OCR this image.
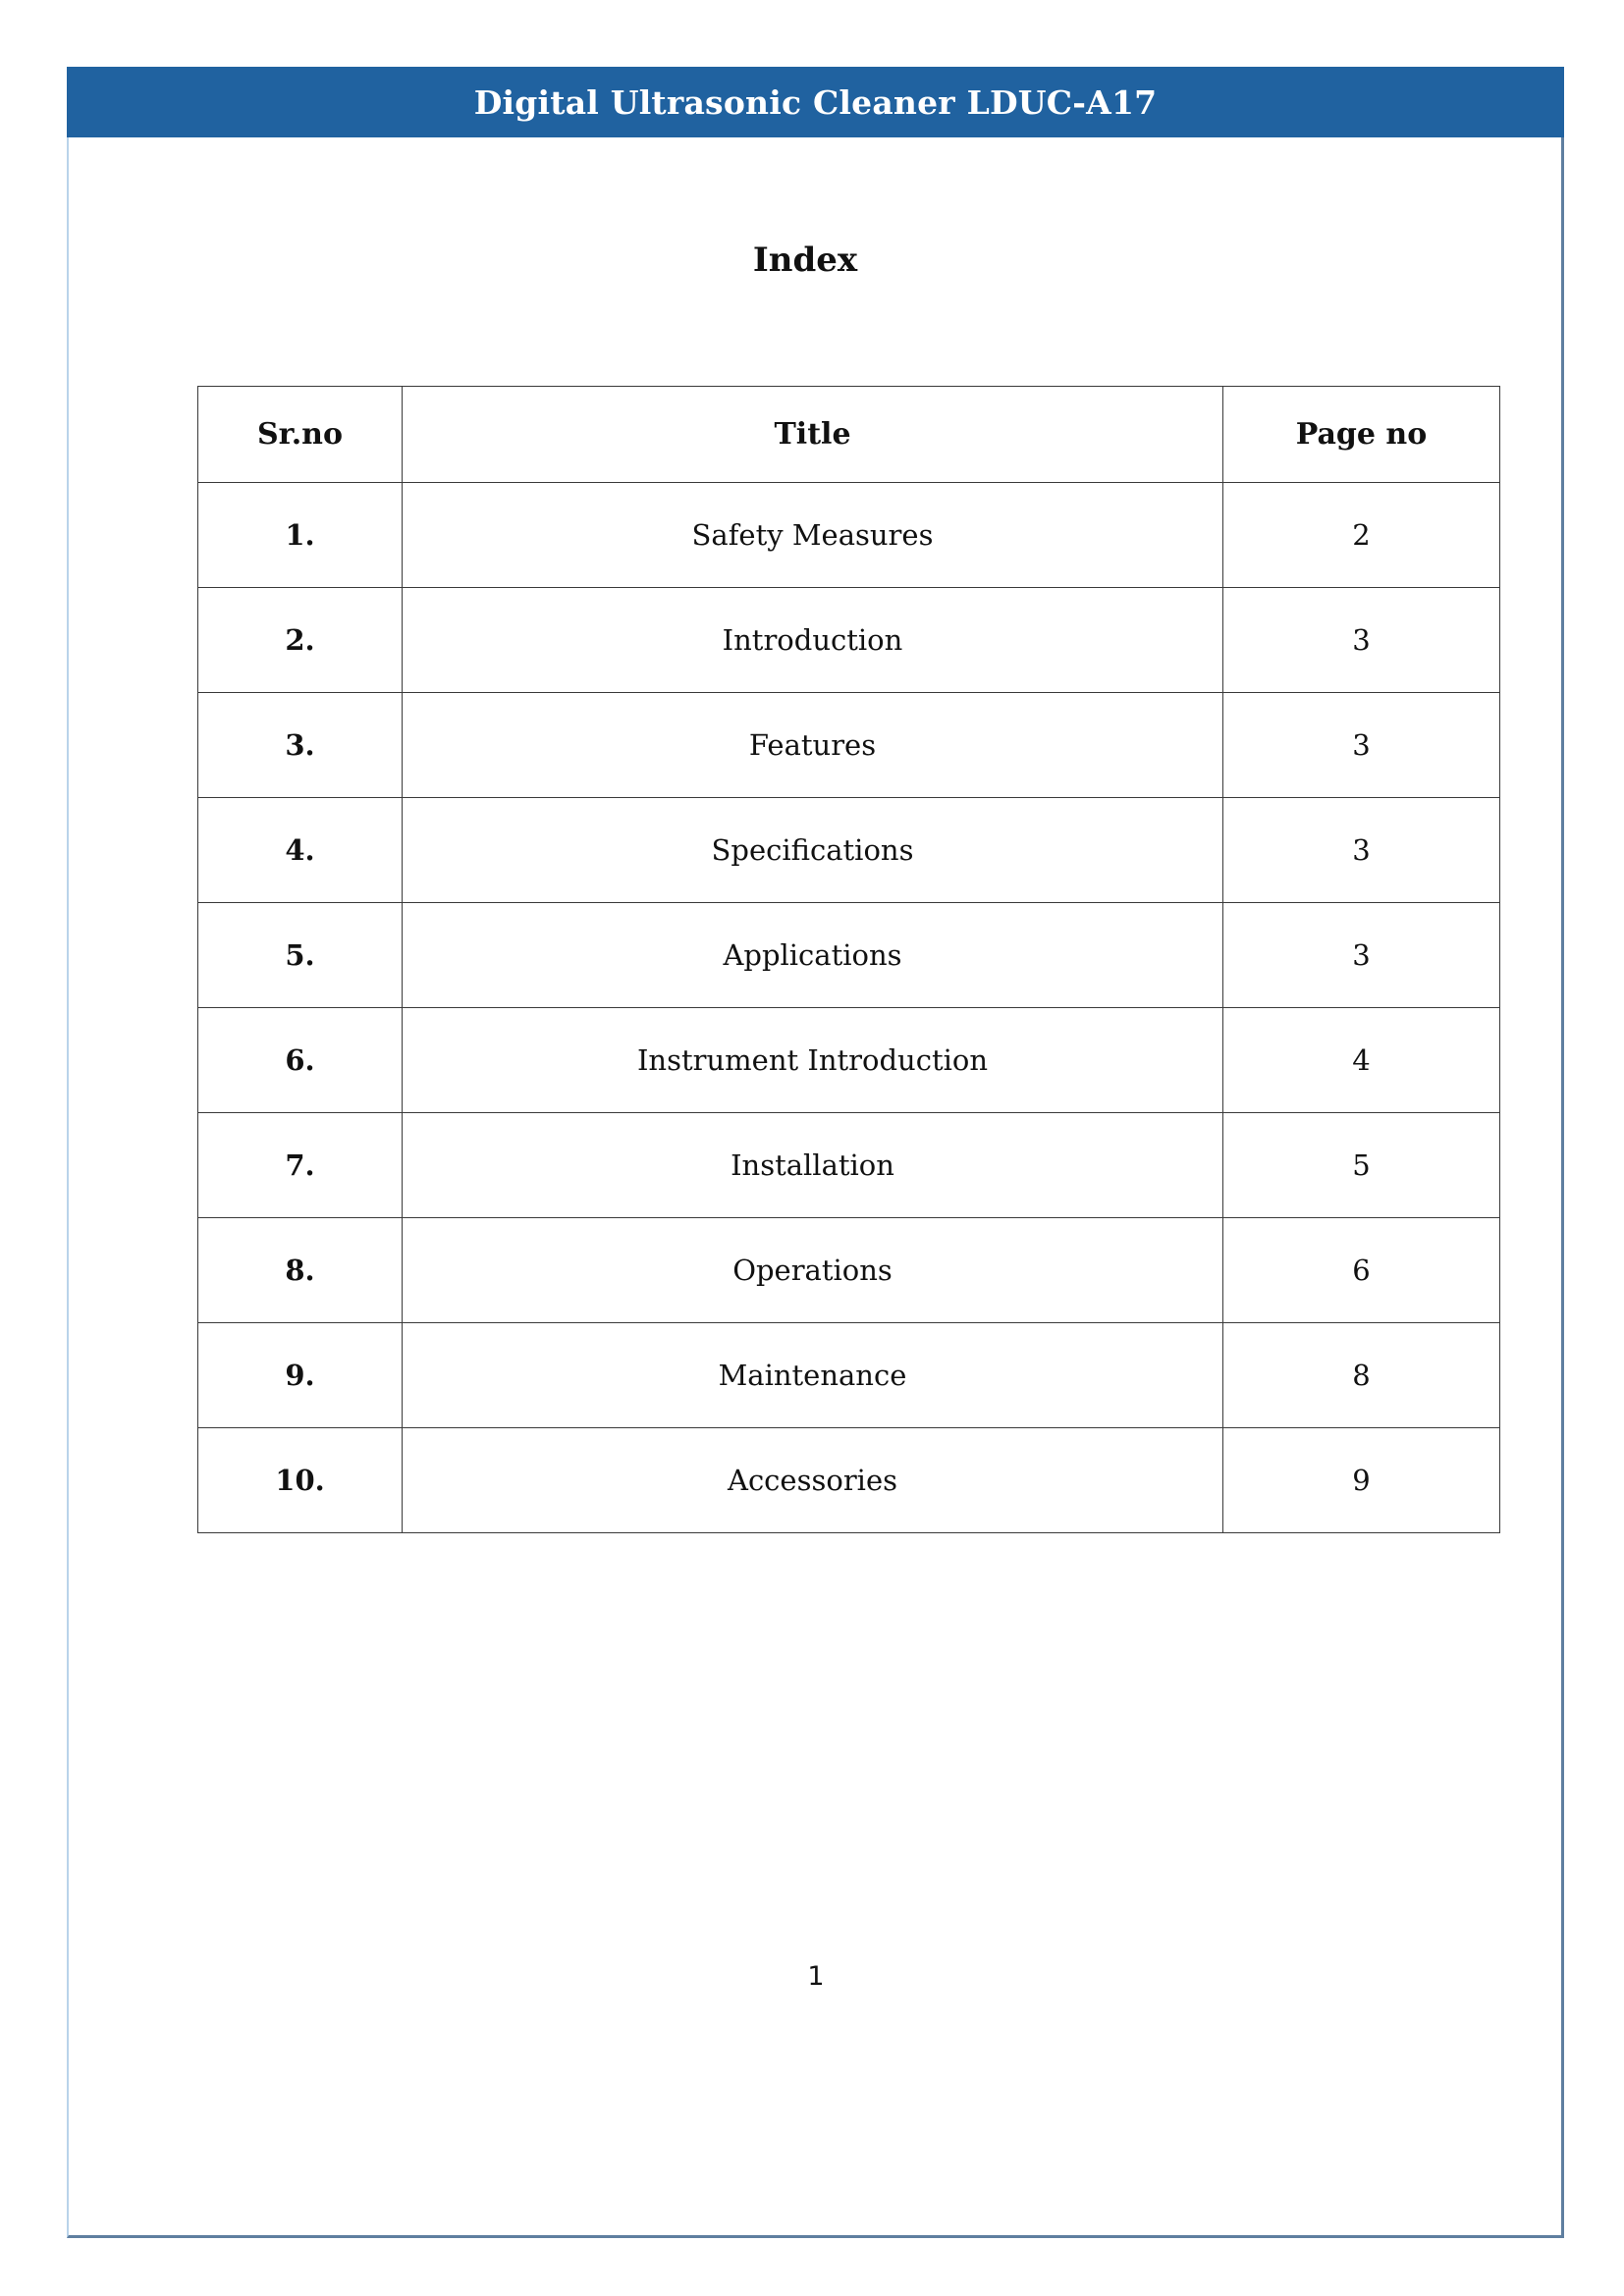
Digital Ultrasonic Cleaner LDUC-A17
Index
Sr.no	Title	Page no
1.	Safety Measures	2
2.	Introduction	3
3.	Features	3
4.	Specifications	3
5.	Applications	3
6.	Instrument Introduction	4
7.	Installation	5
8.	Operations	6
9.	Maintenance	8
10.	Accessories	9
1
